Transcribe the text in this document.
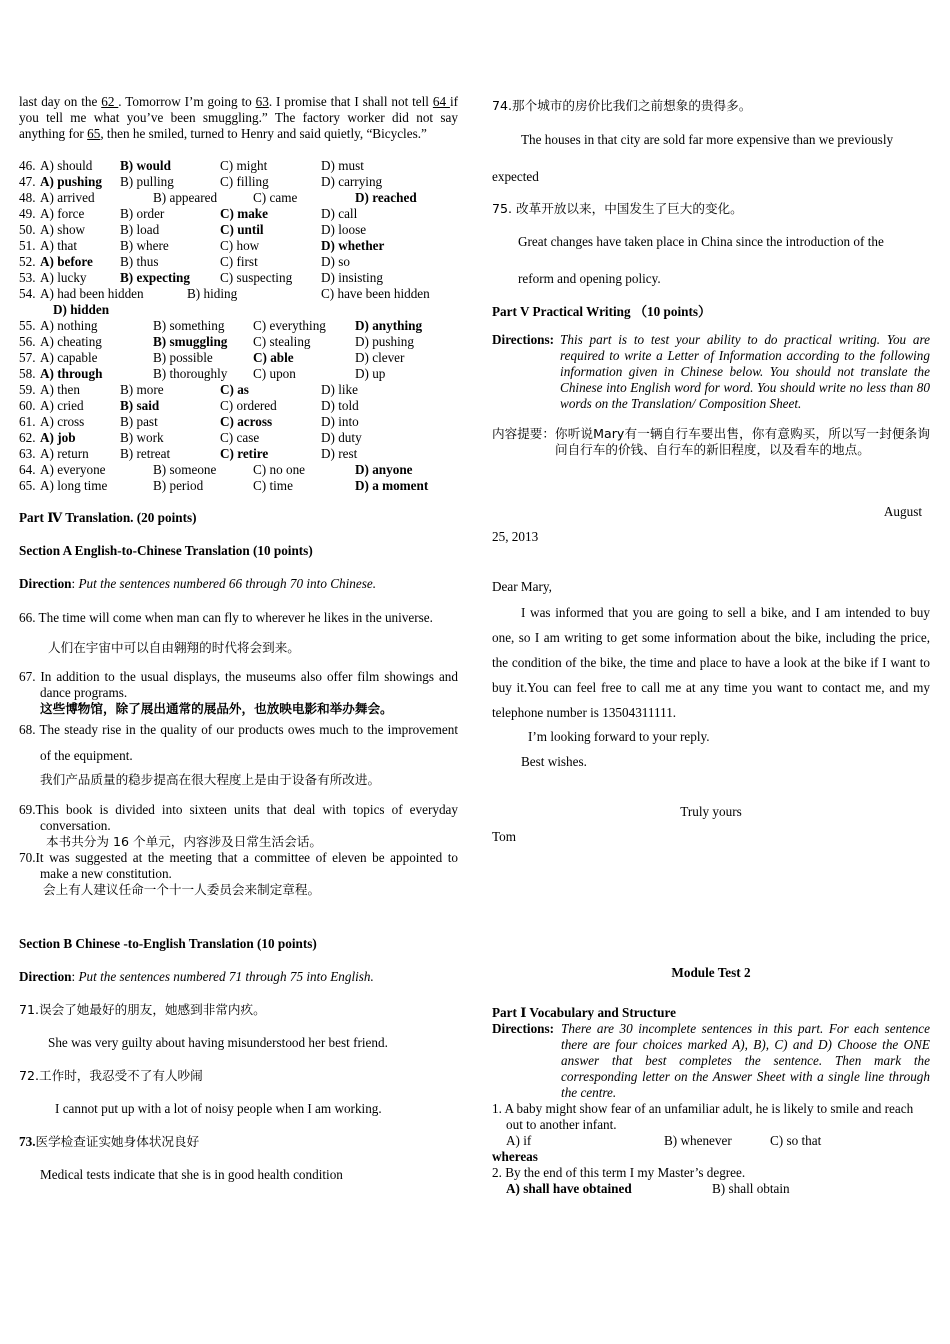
last day on the 62 . Tomorrow I’m going to 63. I promise that I shall not tell 64 if you tell me what you’ve been smuggling.” The factory worker did not say anything for 65, then he smiled, turned to Henry and said quietly, “Bicycles.”

46. A) should B) would	C) might	D) must
47. A) pushing B) pulling	C) filling	D) carrying
48. A) arrived	B) appeared	C) came	D) reached
49. A) force	B) order	C) make	D) call
50. A) show	B) load	C) until	D) loose
51. A) that	B) where	C) how	D) whether
52. A) before B) thus	C) first	D) so
53. A) lucky	B) expecting C) suspecting D) insisting
54. A) had been hidden	B) hiding	C) have been hidden
D) hidden
55. A) nothing	B) something C) everything D) anything
56. A) cheating	B) smuggling C) stealing	D) pushing
57. A) capable	B) possible	C) able	D) clever
58. A) through	B) thoroughly C) upon	D) up
59. A) then	B) more	C) as	D) like
60. A) cried	B) said	C) ordered	D) told
61. A) cross	B) past	C) across	D) into
62. A) job	B) work	C) case	D) duty
63. A) return B) retreat	C) retire	D) rest
64. A) everyone	B) someone	C) no one	D) anyone
65. A) long time	B) period	C) time	D) a moment

Part Ⅳ Translation. (20 points)

Section A English-to-Chinese Translation (10 points)

Direction: Put the sentences numbered 66 through 70 into Chinese.

66. The time will come when man can fly to wherever he likes in the universe.

人们在宇宙中可以自由翱翔的时代将会到来。

67. In addition to the usual displays, the museums also offer film showings and dance programs.

这些博物馆，除了展出通常的展品外，也放映电影和举办舞会。

68. The steady rise in the quality of our products owes much to the improvement of the equipment.

我们产品质量的稳步提高在很大程度上是由于设备有所改进。

69.This book is divided into sixteen units that deal with topics of everyday conversation.

本书共分为 16 个单元，内容涉及日常生活会话。

70.It was suggested at the meeting that a committee of eleven be appointed to make a new constitution.

会上有人建议任命一个十一人委员会来制定章程。

Section B Chinese -to-English Translation (10 points)

Direction: Put the sentences numbered 71 through 75 into English.

71.误会了她最好的朋友，她感到非常内疚。

She was very guilty about having misunderstood her best friend.

72.工作时，我忍受不了有人吵闹

I cannot put up with a lot of noisy people when I am working.

73.医学检查证实她身体状况良好

Medical tests indicate that she is in good health condition

74.那个城市的房价比我们之前想象的贵得多。

The houses in that city are sold far more expensive than we previously

expected

75. 改革开放以来，中国发生了巨大的变化。

Great changes have taken place in China since the introduction of the

reform and opening policy.

Part V Practical Writing （10 points）

Directions: This part is to test your ability to do practical writing. You are required to write a Letter of Information according to the following information given in Chinese below. You should not translate the Chinese into English word for word. You should write no less than 80 words on the Translation/ Composition Sheet.
内容提要： 你听说Mary有一辆自行车要出售，你有意购买，所以写一封便条询问自行车的价钱、自行车的新旧程度，以及看车的地点。

August

25, 2013

Dear Mary,

I was informed that you are going to sell a bike, and I am intended to buy one, so I am writing to get some information about the bike, including the price, the condition of the bike, the time and place to have a look at the bike if I want to buy it.You can feel free to call me at any time you want to contact me, and my telephone number is 13504311111.

I’m looking forward to your reply.

Best wishes.

Truly yours

Tom

Module Test 2

Part Ⅰ Vocabulary and Structure

Directions: There are 30 incomplete sentences in this part. For each sentence there are four choices marked A), B), C) and D) Choose the ONE answer that best completes the sentence. Then mark the corresponding letter on the Answer Sheet with a single line through the centre.

1. A baby might show fear of an unfamiliar adult, he is likely to smile and reach out to another infant.

A) if	B) whenever	C) so that

whereas

2. By the end of this term I my Master’s degree.

A) shall have obtained	B) shall obtain
